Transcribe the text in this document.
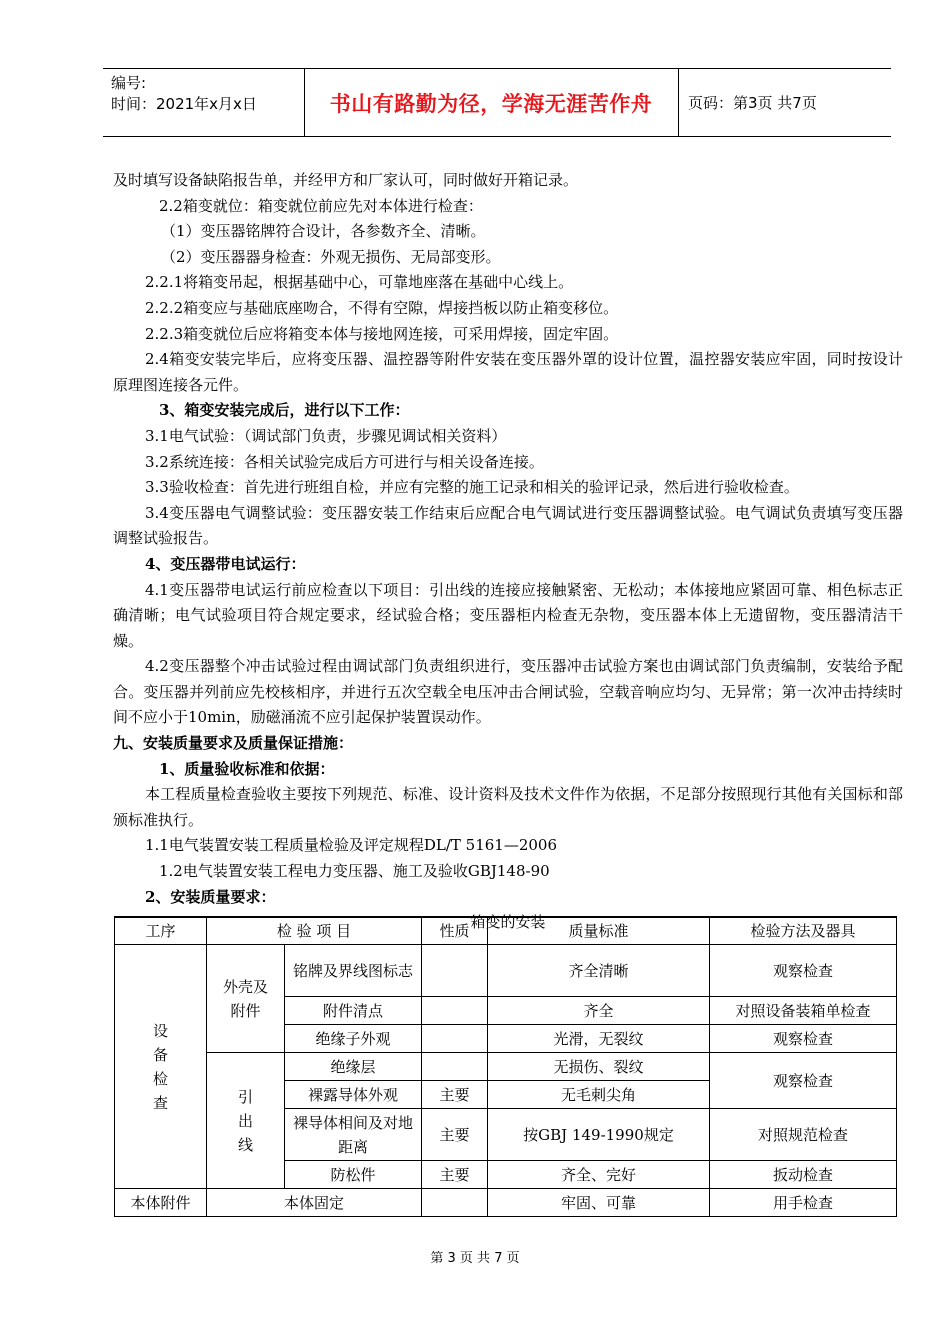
编号:
时间：2021年x月x日	书山有路勤为径，学海无涯苦作舟	页码：第3页 共7页

及时填写设备缺陷报告单，并经甲方和厂家认可，同时做好开箱记录。

2.2箱变就位：箱变就位前应先对本体进行检查：

（1）变压器铭牌符合设计，各参数齐全、清晰。

（2）变压器器身检查：外观无损伤、无局部变形。

2.2.1将箱变吊起，根据基础中心，可靠地座落在基础中心线上。

2.2.2箱变应与基础底座吻合，不得有空隙，焊接挡板以防止箱变移位。

2.2.3箱变就位后应将箱变本体与接地网连接，可采用焊接，固定牢固。

2.4箱变安装完毕后，应将变压器、温控器等附件安装在变压器外罩的设计位置，温控器安装应牢固，同时按设计原理图连接各元件。

3、箱变安装完成后，进行以下工作：

3.1电气试验：（调试部门负责，步骤见调试相关资料）

3.2系统连接：各相关试验完成后方可进行与相关设备连接。

3.3验收检查：首先进行班组自检，并应有完整的施工记录和相关的验评记录，然后进行验收检查。

3.4变压器电气调整试验：变压器安装工作结束后应配合电气调试进行变压器调整试验。电气调试负责填写变压器调整试验报告。

4、变压器带电试运行：

4.1变压器带电试运行前应检查以下项目：引出线的连接应接触紧密、无松动；本体接地应紧固可靠、相色标志正确清晰；电气试验项目符合规定要求，经试验合格；变压器柜内检查无杂物，变压器本体上无遗留物，变压器清洁干燥。

4.2变压器整个冲击试验过程由调试部门负责组织进行，变压器冲击试验方案也由调试部门负责编制，安装给予配合。变压器并列前应先校核相序，并进行五次空载全电压冲击合闸试验，空载音响应均匀、无异常；第一次冲击持续时间不应小于10min，励磁涌流不应引起保护装置误动作。

九、安装质量要求及质量保证措施：

1、质量验收标准和依据：

本工程质量检查验收主要按下列规范、标准、设计资料及技术文件作为依据，不足部分按照现行其他有关国标和部颁标准执行。

1.1电气装置安装工程质量检验及评定规程DL/T 5161—2006

1.2电气装置安装工程电力变压器、施工及验收GBJ148-90

2、安装质量要求：

箱变的安装

工序	检 验 项 目		性质	质量标准	检验方法及器具
设备检查	外壳及附件	铭牌及界线图标志		齐全清晰	观察检查
		附件清点		齐全	对照设备装箱单检查
		绝缘子外观		光滑，无裂纹	观察检查
	引出线	绝缘层		无损伤、裂纹	观察检查
		裸露导体外观	主要	无毛刺尖角	
		裸导体相间及对地距离	主要	按GBJ 149-1990规定	对照规范检查
		防松件	主要	齐全、完好	扳动检查
本体附件	本体固定			牢固、可靠	用手检查
第 3 页 共 7 页
